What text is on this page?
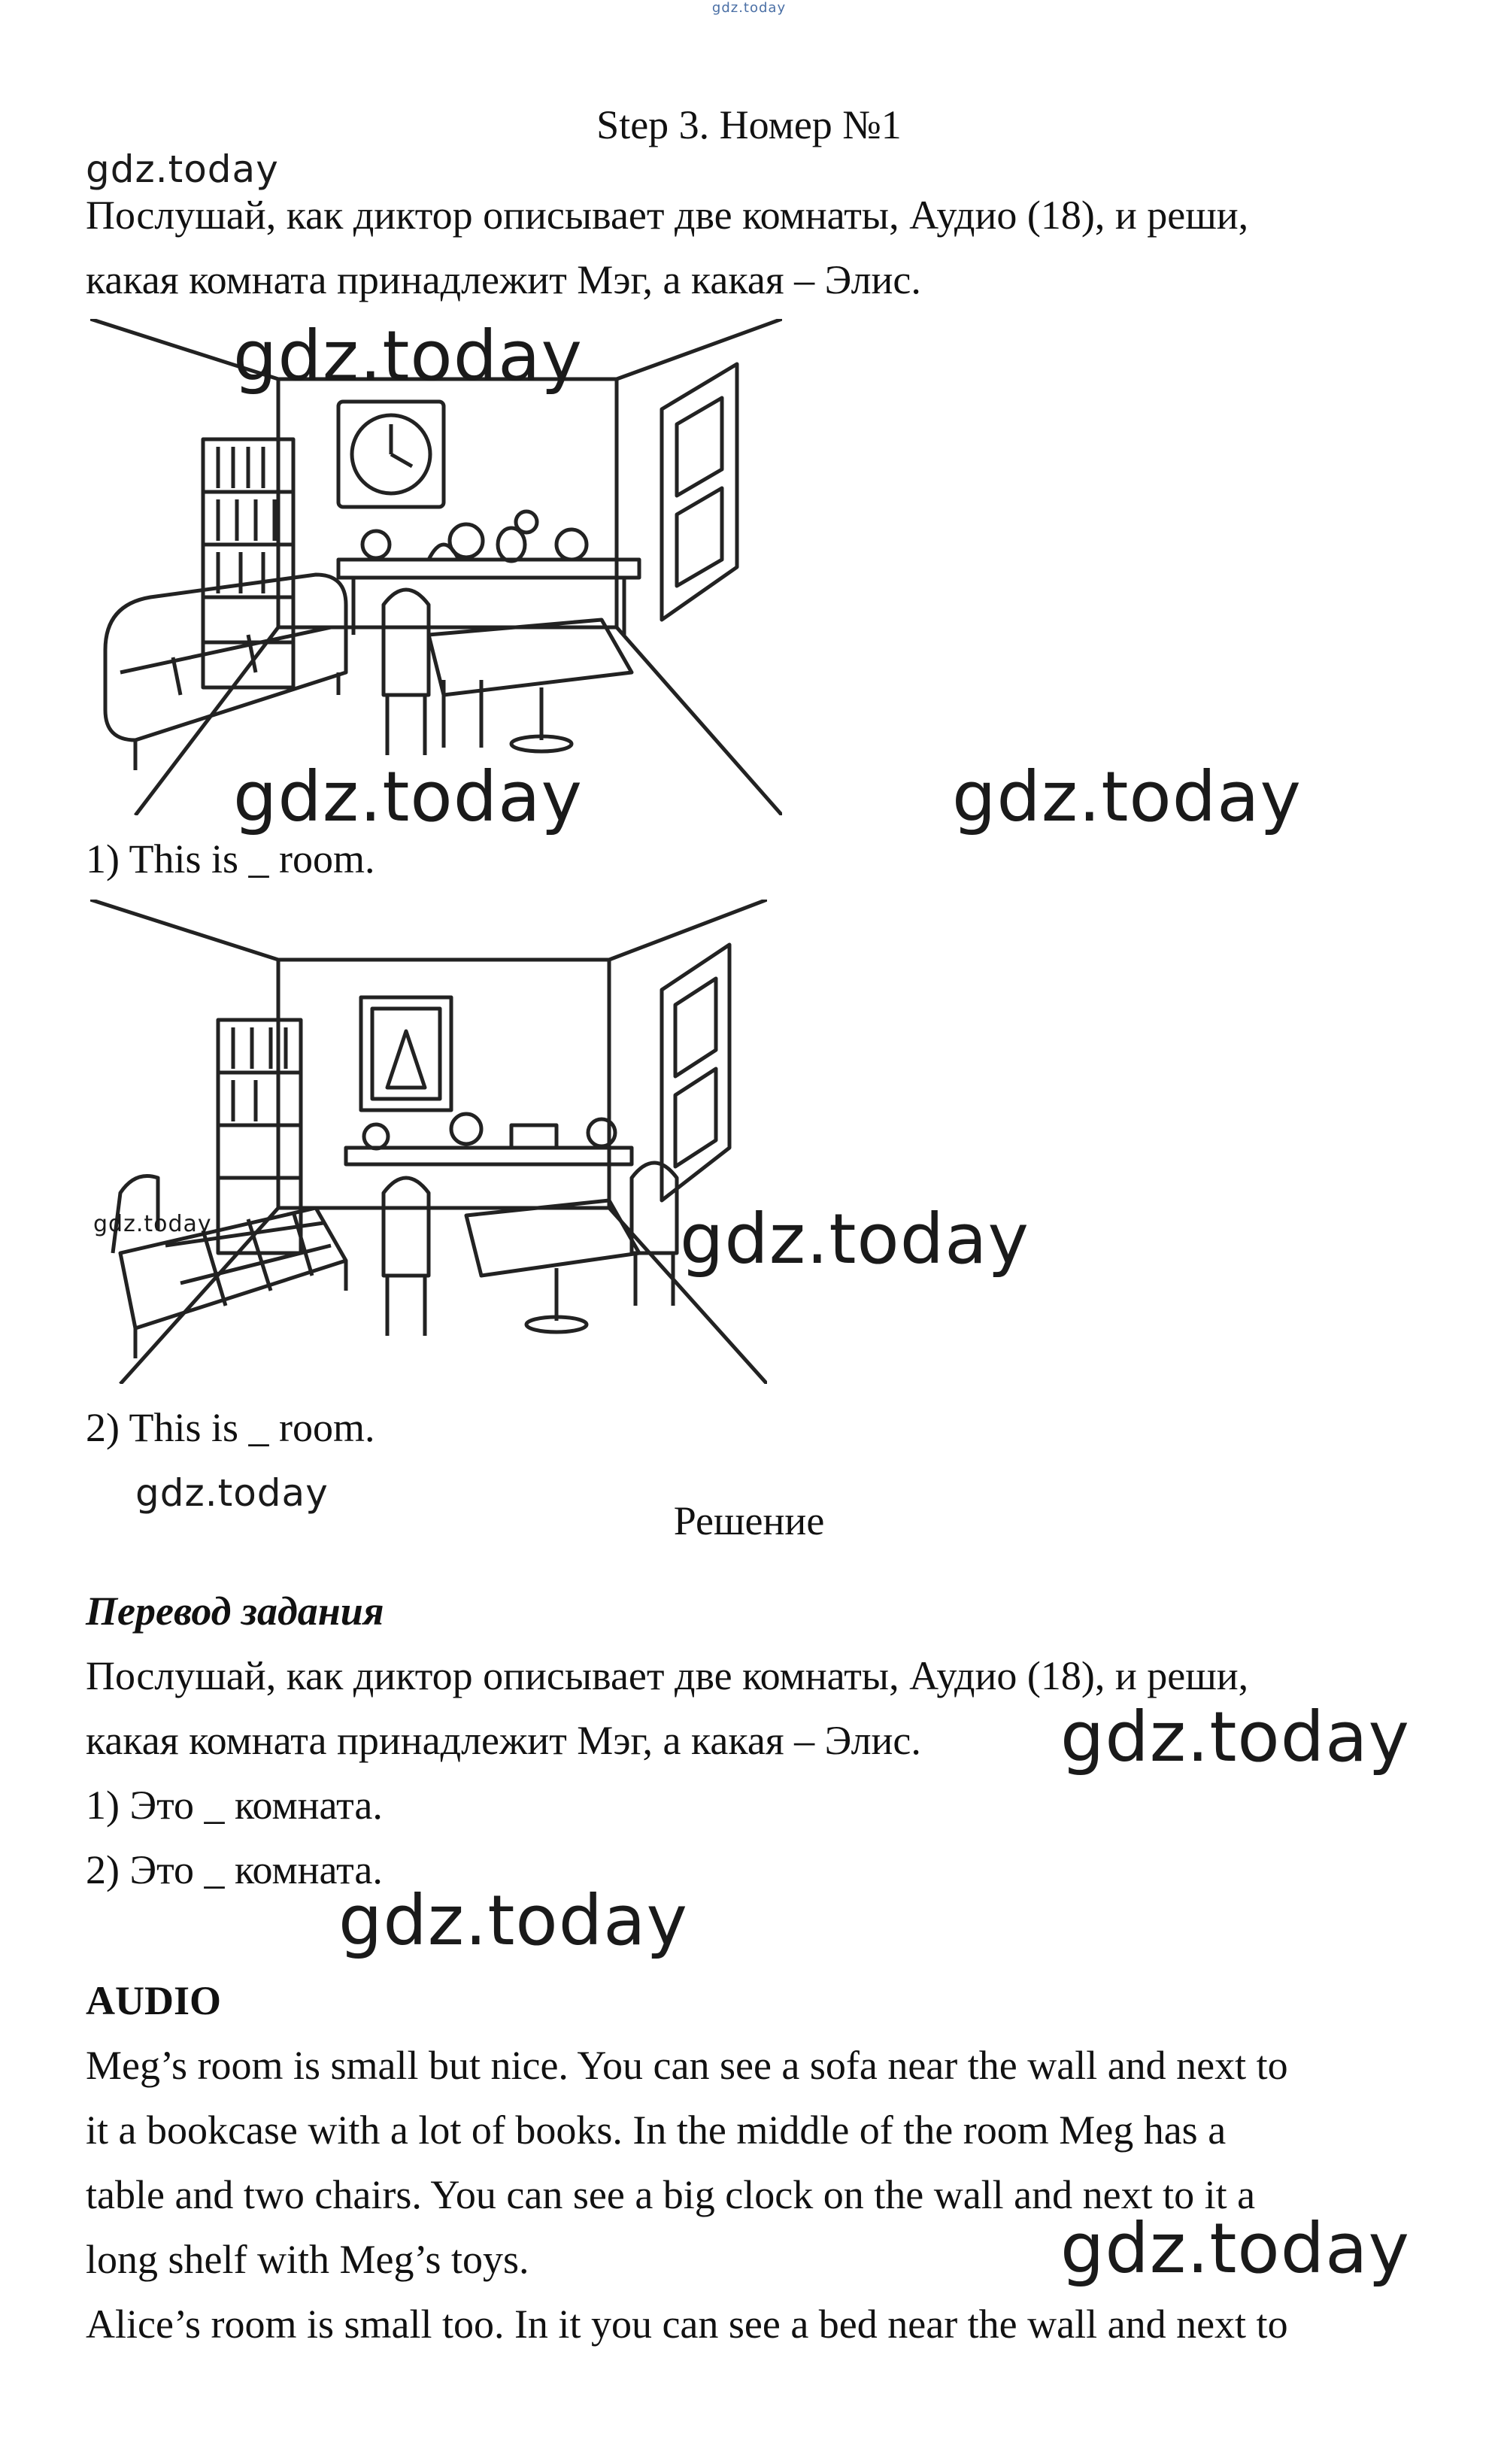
gdz.today
Step 3. Номер №1
gdz.today
Послушай, как диктор описывает две комнаты, Аудио (18), и реши,
какая комната принадлежит Мэг, а какая – Элис.
gdz.today
gdz.today	gdz.today
1) This is _ room.
gdz.today	gdz.today
2) This is _ room.
gdz.today
Решение
Перевод задания
Послушай, как диктор описывает две комнаты, Аудио (18), и реши,
какая комната принадлежит Мэг, а какая – Элис. gdz.today
1) Это _ комната.
2) Это _ комната.
gdz.today
AUDIO
Meg’s room is small but nice. You can see a sofa near the wall and next to
it a bookcase with a lot of books. In the middle of the room Meg has a
table and two chairs. You can see a big clock on the wall and next to it a
long shelf with Meg’s toys.	gdz.today
Alice’s room is small too. In it you can see a bed near the wall and next to
